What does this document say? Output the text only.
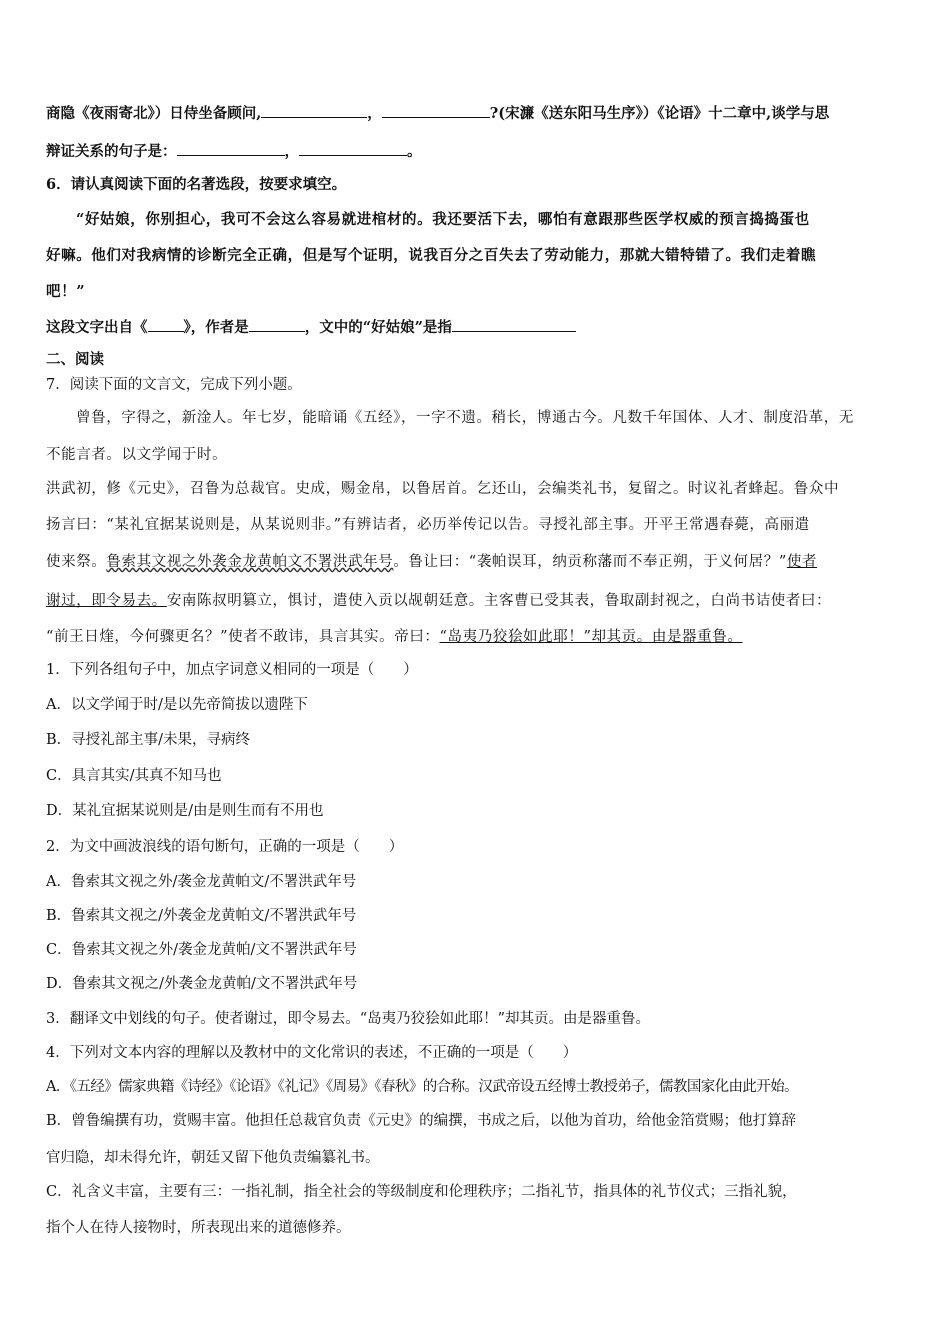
商隐《夜雨寄北》）日侍坐备顾问,	，	?(宋濂《送东阳马生序》）《论语》十二章中,谈学与思
辩证关系的句子是：	，	。
6．请认真阅读下面的名著选段，按要求填空。
“好姑娘，你别担心，我可不会这么容易就进棺材的。我还要活下去，哪怕有意跟那些医学权威的预言捣捣蛋也
好嘛。他们对我病情的诊断完全正确，但是写个证明，说我百分之百失去了劳动能力，那就大错特错了。我们走着瞧
吧！”
这段文字出自《 》，作者是	，文中的“好姑娘”是指
二、阅读
7．阅读下面的文言文，完成下列小题。
曾鲁，字得之，新淦人。年七岁，能暗诵《五经》，一字不遗。稍长，博通古今。凡数千年国体、人才、制度沿革，无
不能言者。以文学闻于时。
洪武初，修《元史》，召鲁为总裁官。史成，赐金帛，以鲁居首。乞还山，会编类礼书，复留之。时议礼者蜂起。鲁众中
扬言曰：“某礼宜据某说则是，从某说则非。”有辨诘者，必历举传记以告。寻授礼部主事。开平王常遇春薨，高丽遣
使来祭。鲁索其文视之外袭金龙黄帕文不署洪武年号。鲁让曰：“袭帕误耳，纳贡称藩而不奉正朔，于义何居？”使者
谢过，即令易去。安南陈叔明篡立，惧讨，遣使入贡以觇朝廷意。主客曹已受其表，鲁取副封视之，白尚书诘使者曰：
“前王日煃，今何骤更名？”使者不敢讳，具言其实。帝曰：“岛夷乃狡狯如此耶！”却其贡。由是器重鲁。
1．下列各组句子中，加点字词意义相同的一项是（　　）
A．以文学闻于时/是以先帝简拔以遗陛下
B．寻授礼部主事/未果，寻病终
C．具言其实/其真不知马也
D．某礼宜据某说则是/由是则生而有不用也
2．为文中画波浪线的语句断句，正确的一项是（　　）
A．鲁索其文视之外/袭金龙黄帕文/不署洪武年号
B．鲁索其文视之/外袭金龙黄帕文/不署洪武年号
C．鲁索其文视之外/袭金龙黄帕/文不署洪武年号
D．鲁索其文视之/外袭金龙黄帕/文不署洪武年号
3．翻译文中划线的句子。使者谢过，即令易去。“岛夷乃狡狯如此耶！”却其贡。由是器重鲁。
4．下列对文本内容的理解以及教材中的文化常识的表述，不正确的一项是（　　）
A．《五经》儒家典籍《诗经》《论语》《礼记》《周易》《春秋》的合称。汉武帝设五经博士教授弟子，儒教国家化由此开始。
B．曾鲁编撰有功，赏赐丰富。他担任总裁官负责《元史》的编撰，书成之后，以他为首功，给他金箔赏赐；他打算辞
官归隐，却未得允许，朝廷又留下他负责编纂礼书。
C．礼含义丰富，主要有三：一指礼制，指全社会的等级制度和伦理秩序；二指礼节，指具体的礼节仪式；三指礼貌，
指个人在待人接物时，所表现出来的道德修养。
